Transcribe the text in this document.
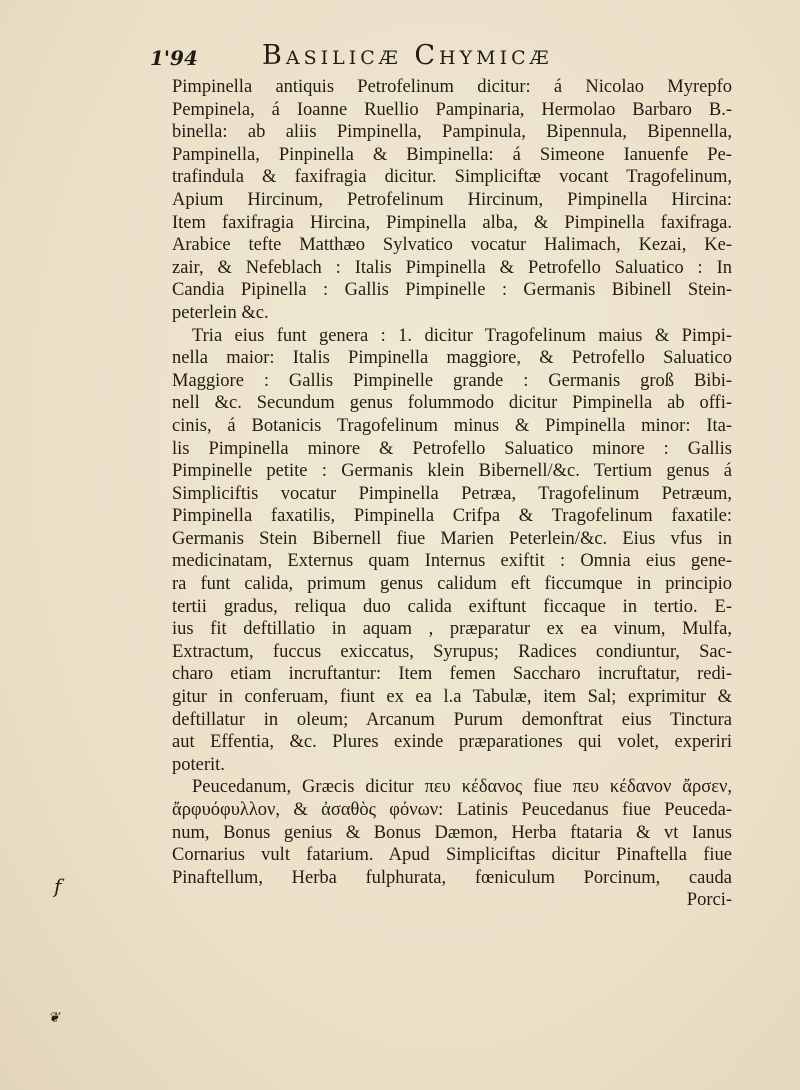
1'94 Basilicæ Chymicæ
Pimpinella antiquis Petrofelinum dicitur: á Nicolao Myrepfo
Pempinela, á Ioanne Ruellio Pampinaria, Hermolao Barbaro B.-
binella: ab aliis Pimpinella, Pampinula, Bipennula, Bipennella,
Pampinella, Pinpinella & Bimpinella: á Simeone Ianuenfe Pe-
trafindula & faxifragia dicitur. Simpliciftæ vocant Tragofelinum,
Apium Hircinum, Petrofelinum Hircinum, Pimpinella Hircina:
Item faxifragia Hircina, Pimpinella alba, & Pimpinella faxifraga.
Arabice tefte Matthæo Sylvatico vocatur Halimach, Kezai, Ke-
zair, & Nefeblach : Italis Pimpinella & Petrofello Saluatico : In
Candia Pipinella : Gallis Pimpinelle : Germanis Bibinell Stein-
peterlein &c.
Tria eius funt genera : 1. dicitur Tragofelinum maius & Pimpi-
nella maior: Italis Pimpinella maggiore, & Petrofello Saluatico
Maggiore : Gallis Pimpinelle grande : Germanis groß Bibi-
nell &c. Secundum genus folummodo dicitur Pimpinella ab offi-
cinis, á Botanicis Tragofelinum minus & Pimpinella minor: Ita-
lis Pimpinella minore & Petrofello Saluatico minore : Gallis
Pimpinelle petite : Germanis klein Bibernell/&c. Tertium genus á
Simpliciftis vocatur Pimpinella Petræa, Tragofelinum Petræum,
Pimpinella faxatilis, Pimpinella Crifpa & Tragofelinum faxatile:
Germanis Stein Bibernell fiue Marien Peterlein/&c. Eius vfus in
medicinatam, Externus quam Internus exiftit : Omnia eius gene-
ra funt calida, primum genus calidum eft ficcumque in principio
tertii gradus, reliqua duo calida exiftunt ficcaque in tertio. E-
ius fit deftillatio in aquam , præparatur ex ea vinum, Mulfa,
Extractum, fuccus exiccatus, Syrupus; Radices condiuntur, Sac-
charo etiam incruftantur: Item femen Saccharo incruftatur, redi-
gitur in conferuam, fiunt ex ea l.a Tabulæ, item Sal; exprimitur &
deftillatur in oleum; Arcanum Purum demonftrat eius Tinctura
aut Effentia, &c. Plures exinde præparationes qui volet, experiri
poterit.
Peucedanum, Græcis dicitur πευ κέδανος fiue πευ κέδανον ἄρσεν,
ἄρφυόφυλλον, & ἀσαθὸς φόνων: Latinis Peucedanus fiue Peuceda-
num, Bonus genius & Bonus Dæmon, Herba ftataria & vt Ianus
Cornarius vult fatarium. Apud Simpliciftas dicitur Pinaftella fiue
Pinaftellum, Herba fulphurata, fœniculum Porcinum, cauda
Porci-
f
❦
